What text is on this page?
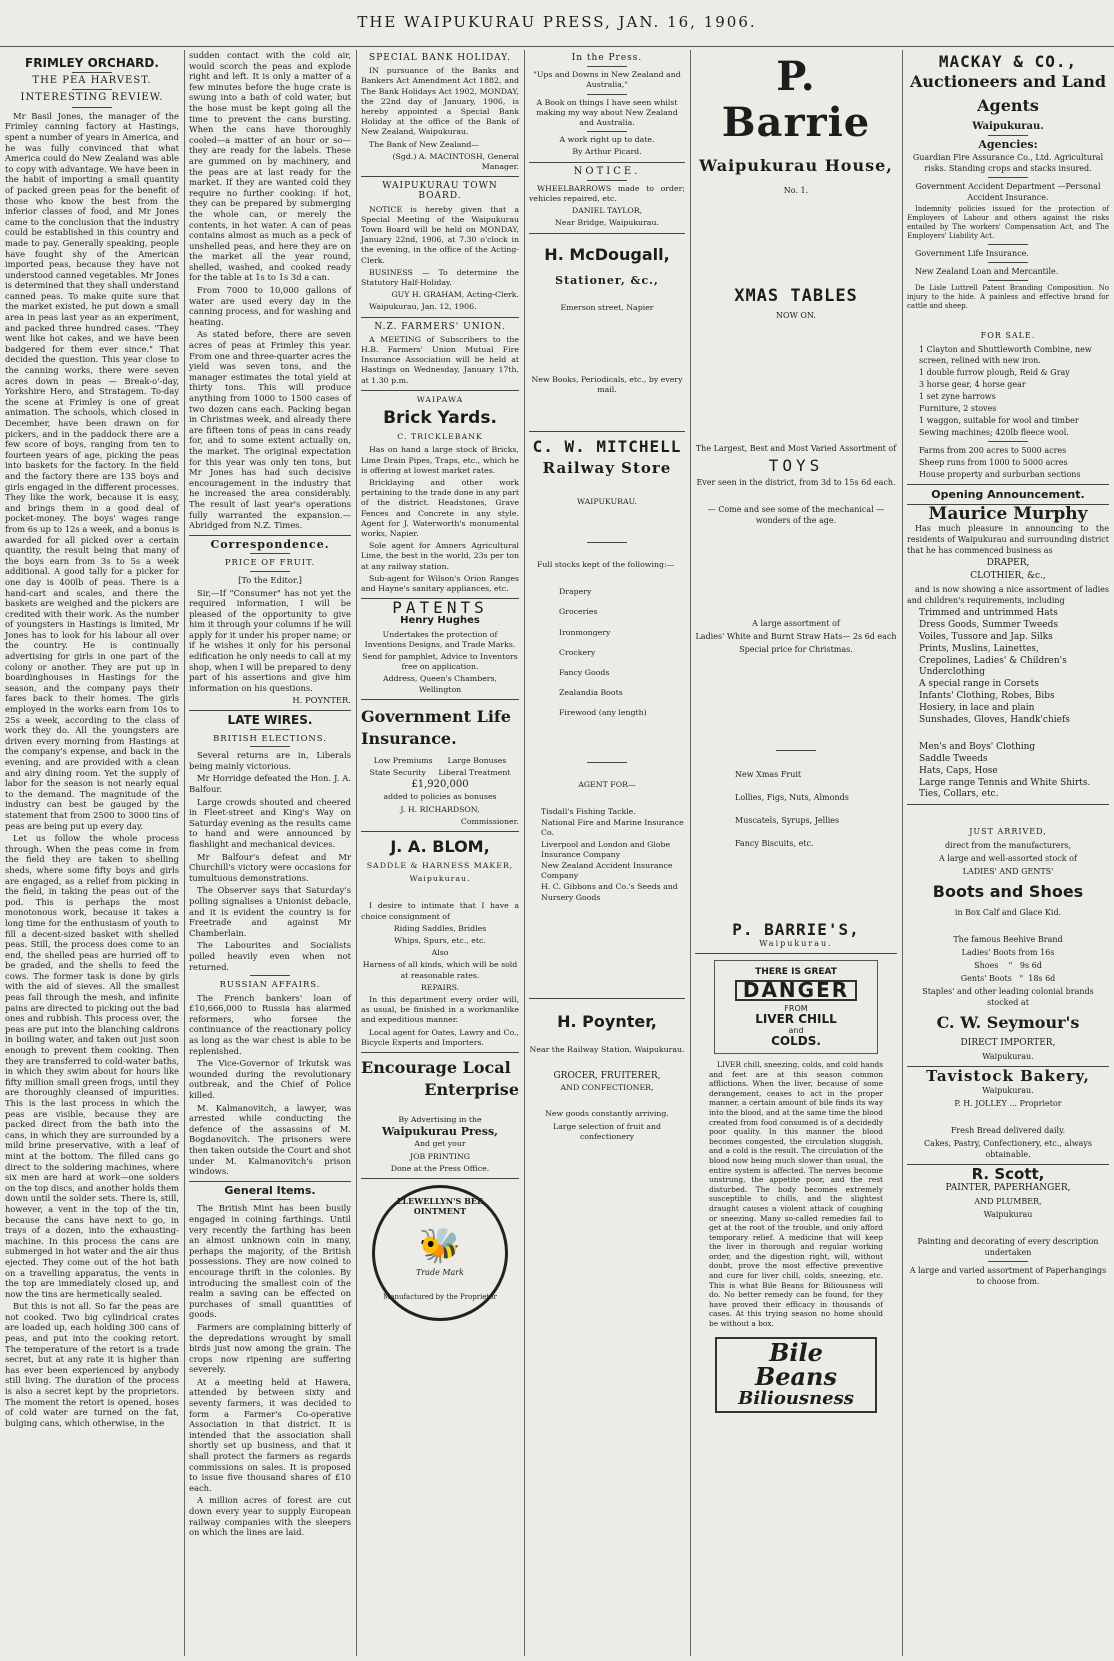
THE WAIPUKURAU PRESS, JAN. 16, 1906.
FRIMLEY ORCHARD.
THE PEA HARVEST.
INTERESTING REVIEW.

Mr Basil Jones, the manager of the Frimley canning factory at Hastings, spent a number of years in America, and he was fully convinced that what America could do New Zealand was able to copy with advantage. We have been in the habit of importing a small quantity of packed green peas for the benefit of those who know the best from the inferior classes of food, and Mr Jones came to the conclusion that the industry could be established in this country and made to pay. Generally speaking, people have fought shy of the American imported peas, because they have not understood canned vegetables. Mr Jones is determined that they shall understand canned peas. To make quite sure that the market existed, he put down a small area in peas last year as an experiment, and packed three hundred cases. "They went like hot cakes, and we have been badgered for them ever since." That decided the question. This year close to the canning works, there were seven acres down in peas — Break-o'-day, Yorkshire Hero, and Stratagem. To-day the scene at Frimley is one of great animation. The schools, which closed in December, have been drawn on for pickers, and in the paddock there are a few score of boys, ranging from ten to fourteen years of age, picking the peas into baskets for the factory. In the field and the factory there are 135 boys and girls engaged in the different processes. They like the work, because it is easy, and brings them in a good deal of pocket-money. The boys' wages range from 6s up to 12s a week, and a bonus is awarded for all picked over a certain quantity, the result being that many of the boys earn from 3s to 5s a week additional. A good tally for a picker for one day is 400lb of peas. There is a hand-cart and scales, and there the baskets are weighed and the pickers are credited with their work. As the number of youngsters in Hastings is limited, Mr Jones has to look for his labour all over the country. He is continually advertising for girls in one part of the colony or another. They are put up in boardinghouses in Hastings for the season, and the company pays their fares back to their homes. The girls employed in the works earn from 10s to 25s a week, according to the class of work they do. All the youngsters are driven every morning from Hastings at the company's expense, and back in the evening, and are provided with a clean and airy dining room. Yet the supply of labor for the season is not nearly equal to the demand. The magnitude of the industry can best be gauged by the statement that from 2500 to 3000 tins of peas are being put up every day.

Let us follow the whole process through. When the peas come in from the field they are taken to shelling sheds, where some fifty boys and girls are engaged, as a relief from picking in the field, in taking the peas out of the pod. This is perhaps the most monotonous work, because it takes a long time for the enthusiasm of youth to fill a decent-sized basket with shelled peas. Still, the process does come to an end, the shelled peas are hurried off to be graded, and the shells to feed the cows. The former task is done by girls with the aid of sieves. All the smallest peas fall through the mesh, and infinite pains are directed to picking out the bad ones and rubbish. This process over, the peas are put into the blanching caldrons in boiling water, and taken out just soon enough to prevent them cooking. Then they are transferred to cold-water baths, in which they swim about for hours like fifty million small green frogs, until they are thoroughly cleansed of impurities. This is the last process in which the peas are visible, because they are packed direct from the bath into the cans, in which they are surrounded by a mild brine preservative, with a leaf of mint at the bottom. The filled cans go direct to the soldering machines, where six men are hard at work—one solders on the top discs, and another holds them down until the solder sets. There is, still, however, a vent in the top of the tin, because the cans have next to go, in trays of a dozen, into the exhausting-machine. In this process the cans are submerged in hot water and the air thus ejected. They come out of the hot bath on a travelling apparatus, the vents in the top are immediately closed up, and now the tins are hermetically sealed.

But this is not all. So far the peas are not cooked. Two big cylindrical crates are loaded up, each holding 300 cans of peas, and put into the cooking retort. The temperature of the retort is a trade secret, but at any rate it is higher than has ever been experienced by anybody still living. The duration of the process is also a secret kept by the proprietors. The moment the retort is opened, hoses of cold water are turned on the fat, bulging cans, which otherwise, in the

sudden contact with the cold air, would scorch the peas and explode right and left. It is only a matter of a few minutes before the huge crate is swung into a bath of cold water, but the hose must be kept going all the time to prevent the cans bursting. When the cans have thoroughly cooled—a matter of an hour or so—they are ready for the labels. These are gummed on by machinery, and the peas are at last ready for the market. If they are wanted cold they require no further cooking: if hot, they can be prepared by submerging the whole can, or merely the contents, in hot water. A can of peas contains almost as much as a peck of unshelled peas, and here they are on the market all the year round, shelled, washed, and cooked ready for the table at 1s to 1s 3d a can.

From 7000 to 10,000 gallons of water are used every day in the canning process, and for washing and heating.

As stated before, there are seven acres of peas at Frimley this year. From one and three-quarter acres the yield was seven tons, and the manager estimates the total yield at thirty tons. This will produce anything from 1000 to 1500 cases of two dozen cans each. Packing began in Christmas week, and already there are fifteen tons of peas in cans ready for, and to some extent actually on, the market. The original expectation for this year was only ten tons, but Mr Jones has had such decisive encouragement in the industry that he increased the area considerably. The result of last year's operations fully warranted the expansion.—Abridged from N.Z. Times.

Correspondence.
PRICE OF FRUIT.

[To the Editor.]

Sir,—If "Consumer" has not yet the required information, I will be pleased of the opportunity to give him it through your columns if he will apply for it under his proper name; or if he wishes it only for his personal edification he only needs to call at my shop, when I will be prepared to deny part of his assertions and give him information on his questions.

H. POYNTER.

LATE WIRES.
BRITISH ELECTIONS.

Several returns are in, Liberals being mainly victorious.

Mr Horridge defeated the Hon. J. A. Balfour.

Large crowds shouted and cheered in Fleet-street and King's Way on Saturday evening as the results came to hand and were announced by flashlight and mechanical devices.

Mr Balfour's defeat and Mr Churchill's victory were occasions for tumultuous demonstrations.

The Observer says that Saturday's polling signalises a Unionist debacle, and it is evident the country is for Freetrade and against Mr Chamberlain.

The Labourites and Socialists polled heavily even when not returned.

RUSSIAN AFFAIRS.

The French bankers' loan of £10,666,000 to Russia has alarmed reformers, who forsee the continuance of the reactionary policy as long as the war chest is able to be replenished.

The Vice-Governor of Irkutsk was wounded during the revolutionary outbreak, and the Chief of Police killed.

M. Kalmanovitch, a lawyer, was arrested while conducting the defence of the assassins of M. Bogdanovitch. The prisoners were then taken outside the Court and shot under M. Kalmanovitch's prison windows.

General Items.

The British Mint has been busily engaged in coining farthings. Until very recently the farthing has been an almost unknown coin in many, perhaps the majority, of the British possessions. They are now coined to encourage thrift in the colonies. By introducing the smallest coin of the realm a saving can be effected on purchases of small quantities of goods.

Farmers are complaining bitterly of the depredations wrought by small birds just now among the grain. The crops now ripening are suffering severely.

At a meeting held at Hawera, attended by between sixty and seventy farmers, it was decided to form a Farmer's Co-operative Association in that district. It is intended that the association shall shortly set up business, and that it shall protect the farmers as regards commissions on sales. It is proposed to issue five thousand shares of £10 each.

A million acres of forest are cut down every year to supply European railway companies with the sleepers on which the lines are laid.

SPECIAL BANK HOLIDAY.

IN pursuance of the Banks and Bankers Act Amendment Act 1882, and The Bank Holidays Act 1902, MONDAY, the 22nd day of January, 1906, is hereby appointed a Special Bank Holiday at the office of the Bank of New Zealand, Waipukurau.

The Bank of New Zealand—

(Sgd.) A. MACINTOSH, General Manager.

WAIPUKURAU TOWN BOARD.

NOTICE is hereby given that a Special Meeting of the Waipukurau Town Board will be held on MONDAY, January 22nd, 1906, at 7.30 o'clock in the evening, in the office of the Acting-Clerk.

BUSINESS — To determine the Statutory Half-Holiday.

GUY H. GRAHAM, Acting-Clerk.

Waipukurau, Jan. 12, 1906.

N.Z. FARMERS' UNION.

A MEETING of Subscribers to the H.B. Farmers' Union Mutual Fire Insurance Association will be held at Hastings on Wednesday, January 17th, at 1.30 p.m.

WAIPAWA
Brick Yards.
C. TRICKLEBANK

Has on hand a large stock of Bricks, Lime Drain Pipes, Traps, etc., which he is offering at lowest market rates.

Bricklaying and other work pertaining to the trade done in any part of the district. Headstones, Grave Fences and Concrete in any style. Agent for J. Waterworth's monumental works, Napier.

Sole agent for Amners Agricultural Lime, the best in the world, 23s per ton at any railway station.

Sub-agent for Wilson's Orion Ranges and Hayne's sanitary appliances, etc.

PATENTS
Henry Hughes

Undertakes the protection of Inventions Designs, and Trade Marks.

Send for pamphlet, Advice to Inventors free on application.

Address, Queen's Chambers, Wellington

Government Life Insurance.

Low Premiums      Large Bonuses

State Security     Liberal Treatment

£1,920,000

added to policies as bonuses

J. H. RICHARDSON,

Commissioner.

J. A. BLOM,
SADDLE & HARNESS MAKER,
Waipukurau.

I desire to intimate that I have a choice consignment of

Riding Saddles, Bridles

Whips, Spurs, etc., etc.

Also

Harness of all kinds, which will be sold at reasonable rates.

REPAIRS.

In this department every order will, as usual, be finished in a workmanlike and expeditious manner.

Local agent for Oates, Lawry and Co., Bicycle Experts and Importers.

Encourage Local
Enterprise

By Advertising in the

Waipukurau Press,

And get your

JOB PRINTING

Done at the Press Office.

LLEWELLYN'S BEE OINTMENT
🐝
Trade Mark
Manufactured by the Proprietor
In the Press.

"Ups and Downs in New Zealand and Australia,"

A Book on things I have seen whilst making my way about New Zealand and Australia.

A work right up to date.

By Arthur Picard.

NOTICE.

WHEELBARROWS made to order; vehicles repaired, etc.

DANIEL TAYLOR,

Near Bridge, Waipukurau.

H. McDougall,
Stationer, &c.,

Emerson street, Napier

New Books, Periodicals, etc., by every mail.

C. W. MITCHELL
Railway Store

WAIPUKURAU.

Full stocks kept of the following:—

Drapery

Groceries

Ironmongery

Crockery

Fancy Goods

Zealandia Boots

Firewood (any length)

AGENT FOR—

Tisdall's Fishing Tackle.

National Fire and Marine Insurance Co.

Liverpool and London and Globe Insurance Company

New Zealand Accident Insurance Company

H. C. Gibbons and Co.'s Seeds and Nursery Goods

H. Poynter,

Near the Railway Station, Waipukurau.

GROCER, FRUITERER,

AND CONFECTIONER,

New goods constantly arriving.

Large selection of fruit and confectionery

P. Barrie
Waipukurau House,

No. 1.

XMAS TABLES

NOW ON.

The Largest, Best and Most Varied Assortment of

TOYS

Ever seen in the district, from 3d to 15s 6d each.

— Come and see some of the mechanical — wonders of the age.

A large assortment of

Ladies' White and Burnt Straw Hats— 2s 6d each

Special price for Christmas.

New Xmas Fruit

Lollies, Figs, Nuts, Almonds

Muscatels, Syrups, Jellies

Fancy Biscuits, etc.

P. BARRIE'S,

Waipukurau.

THERE IS GREAT
DANGER
FROM
LIVER CHILL
and
COLDS.

LIVER chill, sneezing, colds, and cold hands and feet are at this season common afflictions. When the liver, because of some derangement, ceases to act in the proper manner, a certain amount of bile finds its way into the blood, and at the same time the blood created from food consumed is of a decidedly poor quality. In this manner the blood becomes congested, the circulation sluggish, and a cold is the result. The circulation of the blood now being much slower than usual, the entire system is affected. The nerves become unstrung, the appetite poor, and the rest disturbed. The body becomes extremely susceptible to chills, and the slightest draught causes a violent attack of coughing or sneezing. Many so-called remedies fail to get at the root of the trouble, and only afford temporary relief. A medicine that will keep the liver in thorough and regular working order, and the digestion right, will, without doubt, prove the most effective preventive and cure for liver chill, colds, sneezing, etc. This is what Bile Beans for Biliousness will do. No better remedy can be found, for they have proved their efficacy in thousands of cases. At this trying season no home should be without a box.

Bile
Beans
Biliousness
MACKAY & CO.,
Auctioneers and Land Agents

Waipukurau.

Agencies:

Guardian Fire Assurance Co., Ltd. Agricultural risks. Standing crops and stacks insured.

Government Accident Department —Personal Accident Insurance.

Indemnity policies issued for the protection of Employers of Labour and others against the risks entailed by The workers' Compensation Act, and The Employers' Liability Act.

Government Life Insurance.

New Zealand Loan and Mercantile.

De Lisle Luttrell Patent Branding Composition. No injury to the hide. A painless and effective brand for cattle and sheep.

FOR SALE.

1 Clayton and Shuttleworth Combine, new screen, relined with new iron.

1 double furrow plough, Reid & Gray

3 horse gear, 4 horse gear

1 set zyne harrows

Furniture, 2 stoves

1 waggon, suitable for wool and timber

Sewing machines; 420lb fleece wool.

Farms from 200 acres to 5000 acres

Sheep runs from 1000 to 5000 acres

House property and surburban sections

Opening Announcement.
Maurice Murphy

Has much pleasure in announcing to the residents of Waipukurau and surrounding district that he has commenced business as

DRAPER,

CLOTHIER, &c.,

and is now showing a nice assortment of ladies and children's requirements, including

Trimmed and untrimmed Hats

Dress Goods, Summer Tweeds

Voiles, Tussore and Jap. Silks

Prints, Muslins, Lainettes,

Crepolines, Ladies' & Children's Underclothing

A special range in Corsets

Infants' Clothing, Robes, Bibs

Hosiery, in lace and plain

Sunshades, Gloves, Handk'chiefs

Men's and Boys' Clothing

Saddle Tweeds

Hats, Caps, Hose

Large range Tennis and White Shirts. Ties, Collars, etc.

JUST ARRIVED,

direct from the manufacturers,

A large and well-assorted stock of

LADIES' AND GENTS'

Boots and Shoes

in Box Calf and Glace Kid.

The famous Beehive Brand

Ladies' Boots from 16s

Shoes    "   9s 6d

Gents' Boots   "  18s 6d

Staples' and other leading colonial brands stocked at

C. W. Seymour's

DIRECT IMPORTER,

Waipukurau.

Tavistock Bakery,

Waipukurau.

P. H. JOLLEY ... Proprietor

Fresh Bread delivered daily.

Cakes, Pastry, Confectionery, etc., always obtainable.

R. Scott,

PAINTER, PAPERHANGER,

AND PLUMBER,

Waipukurau

Painting and decorating of every description undertaken

A large and varied assortment of Paperhangings to choose from.
